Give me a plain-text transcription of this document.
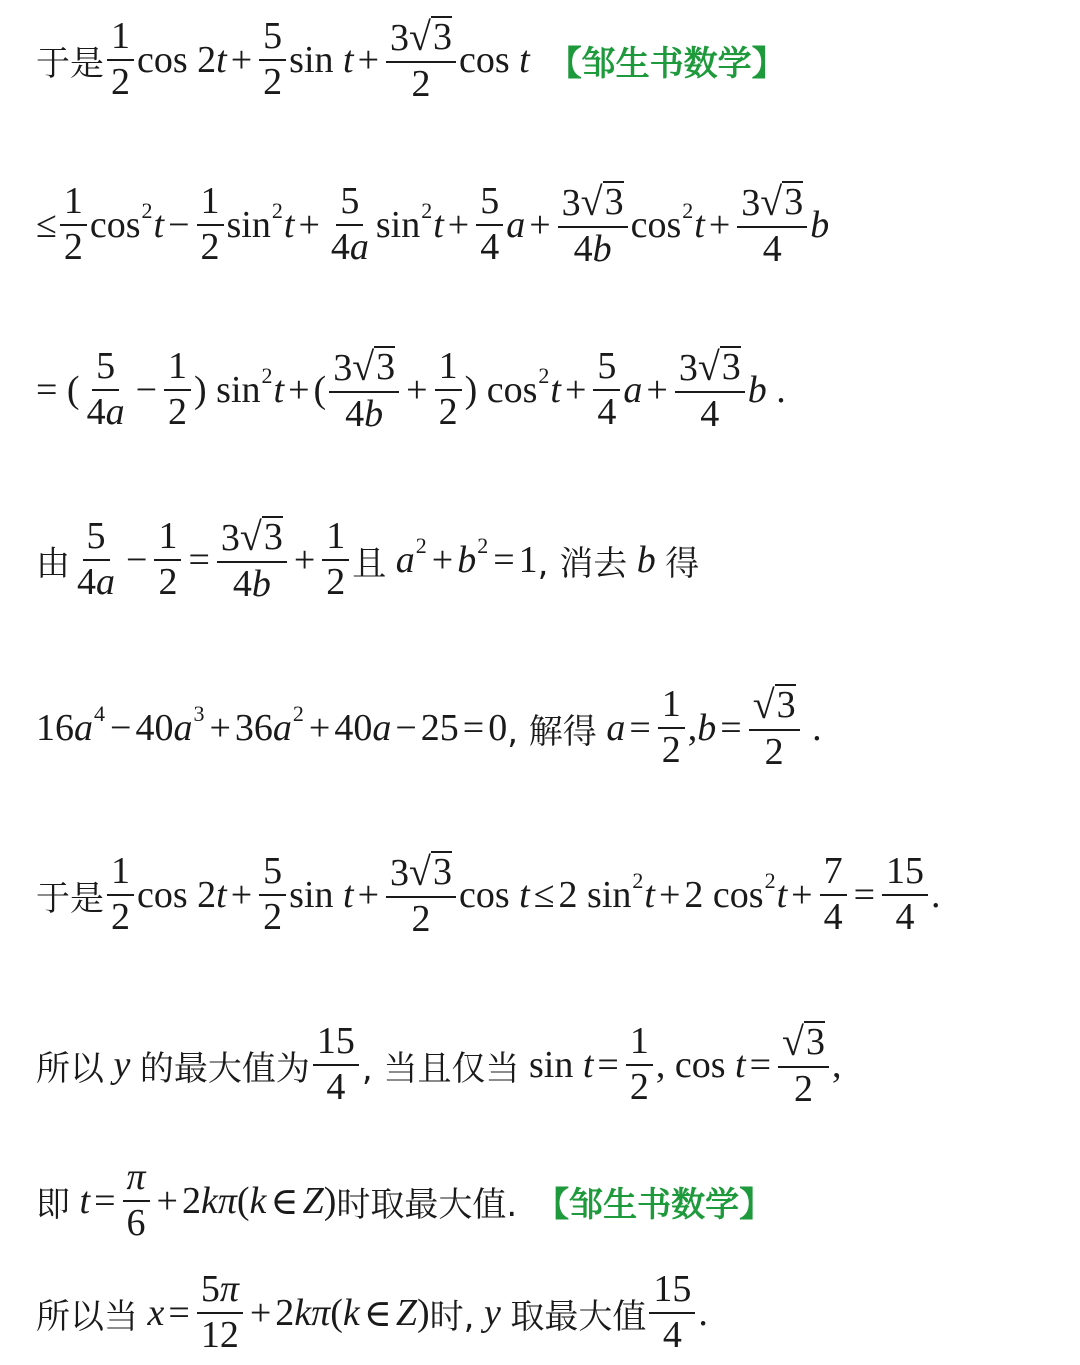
于是 $\frac{1}{2}$ cos 2 $t + \frac{5}{2}$ $\sin t + \frac{3 √ 3}{2}$ cos t 【邹生书数学】
≤ $\frac{1}{2}$ cos 2 $t - \frac{1}{2}$ sin 2 $t + \frac{5}{4a}$ sin 2 $t + \frac{5}{4}$ $a + \frac{3 √ 3}{4b}$ cos 2 $t + \frac{3 √ 3}{4}$ b
= ( $\frac{5}{4a} - \frac{1}{2}$ ) sin 2 t + ( $\frac{3 √ 3}{4b} + \frac{1}{2}$ ) cos 2 $t + \frac{5}{4}$ $a + \frac{3 √ 3}{4}$ b .
由 $\frac{5}{4a} - \frac{1}{2} = \frac{3 √ 3}{4b} + \frac{1}{2}$ 且 a 2 + b 2 = 1 , 消去 b 得
16 a 4 − 40 a 3 + 36 a 2 + 40 a − 25 = 0 , 解得 $a = \frac{1}{2}$ , $b = \frac{√ 3}{2}$ .
于是 $\frac{1}{2}$ cos 2 $t + \frac{5}{2}$ $\sin t + \frac{3 √ 3}{2}$ cos t ≤ 2 sin 2 t + 2 cos 2 $t + \frac{7}{4} = \frac{15}{4}$ .
所以 y 的最大值为 $\frac{15}{4}$ , 当且仅当 $\sin t = \frac{1}{2}$ , $\cos t = \frac{√ 3}{2}$ ,
即 $t = \frac{\pi}{6} + 2$ kπ ( k ∈ Z ) 时取最大值. 【邹生书数学】
所以当 $x = \frac{5\pi}{12} + 2$ kπ ( k ∈ Z ) 时, y 取最大值 $\frac{15}{4}$ .
